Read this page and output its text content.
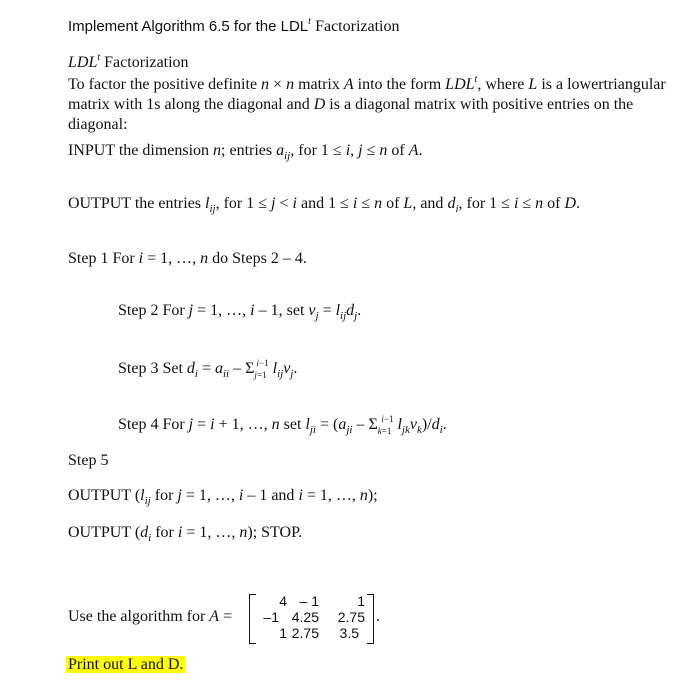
Implement Algorithm 6.5 for the LDL$^t$ Factorization
LDL$^t$ Factorization
To factor the positive definite n × n matrix A into the form LDL$^t$, where L is a lowertriangular matrix with 1s along the diagonal and D is a diagonal matrix with positive entries on the diagonal:
INPUT the dimension n; entries $a_{ij}$, for 1 ≤ i, j ≤ n of A.
OUTPUT the entries $l_{ij}$, for 1 ≤ j < i and 1 ≤ i ≤ n of L, and $d_i$, for 1 ≤ i ≤ n of D.
Step 1 For i = 1, …, n do Steps 2 – 4.
Step 2 For j = 1, …, i – 1, set $v_j = l_{ij}d_j$.
Step 3 Set $d_i = a_{ii} - \Sigma_{j=1}^{i-1}$ $l_{ij}v_j$.
Step 4 For j = i + 1, …, n set $l_{ji} = (a_{ji} - \Sigma_{k=1}^{i-1}$ $l_{jk}v_k)/d_i$.
Step 5
OUTPUT ($l_{ij}$ for j = 1, …, i – 1 and i = 1, …, n);
OUTPUT ($d_i$ for i = 1, …, n); STOP.
Use the algorithm for A =
4 – 1	1
–1 4.25	2.75
1 2.75	3.5
.
Print out L and D.
